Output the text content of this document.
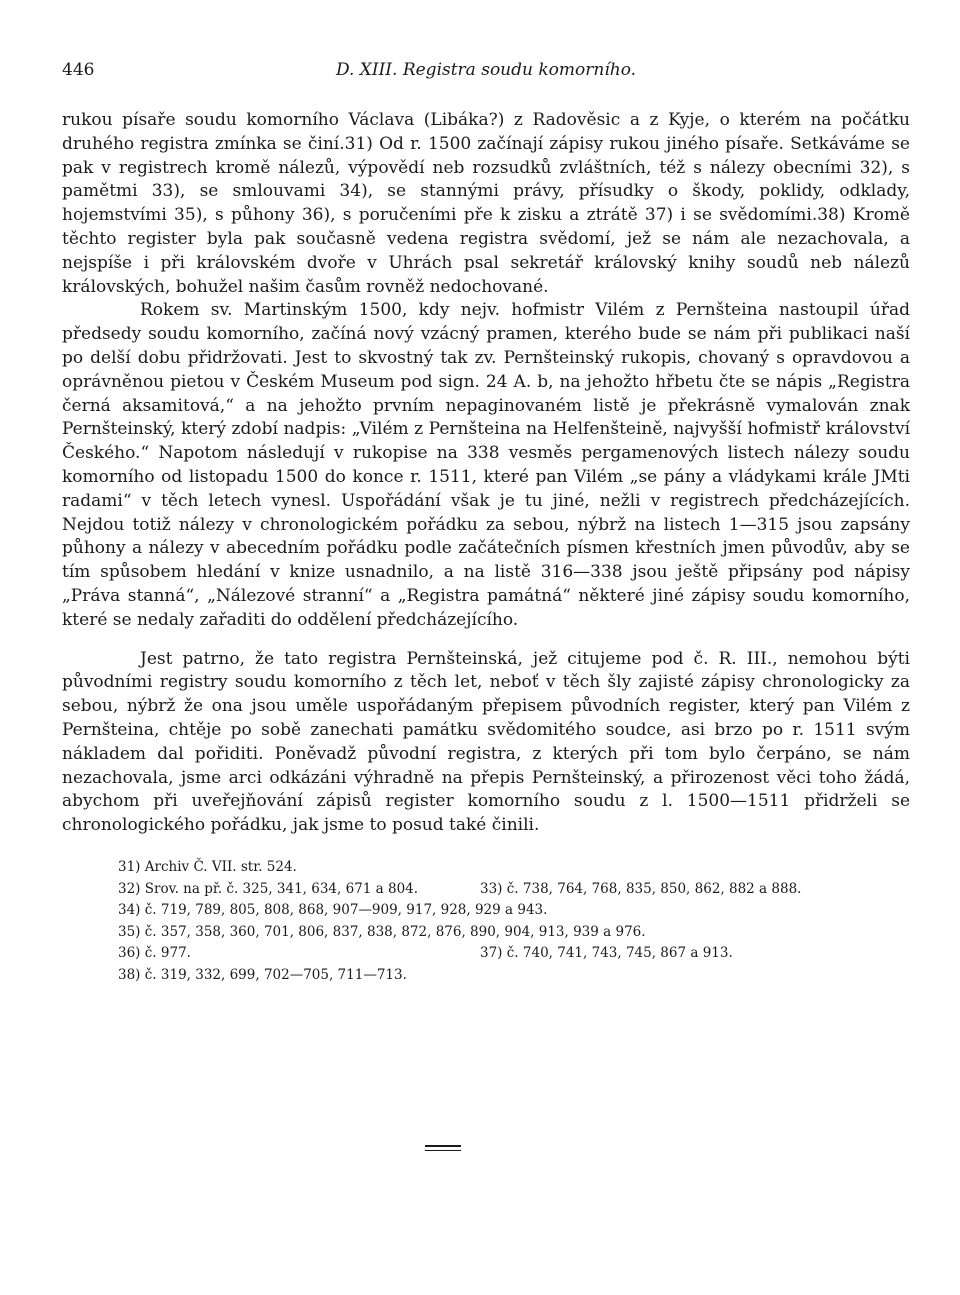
446	D. XIII. Registra soudu komorního.

rukou písaře soudu komorního Václava (Libáka?) z Radověsic a z Kyje, o kterém na počátku druhého registra zmínka se činí.31) Od r. 1500 začínají zápisy rukou jiného písaře. Setkáváme se pak v registrech kromě nálezů, výpovědí neb rozsudků zvláštních, též s nálezy obecními 32), s pamětmi 33), se smlouvami 34), se stannými právy, přísudky o škody, poklidy, odklady, hojemstvími 35), s půhony 36), s poručeními pře k zisku a ztrátě 37) i se svědomími.38) Kromě těchto register byla pak současně vedena registra svědomí, jež se nám ale nezachovala, a nejspíše i při královském dvoře v Uhrách psal sekretář královský knihy soudů neb nálezů královských, bohužel našim časům rovněž nedochované.

Rokem sv. Martinským 1500, kdy nejv. hofmistr Vilém z Pernšteina nastoupil úřad předsedy soudu komorního, začíná nový vzácný pramen, kterého bude se nám při publikaci naší po delší dobu přidržovati. Jest to skvostný tak zv. Pernšteinský rukopis, chovaný s opravdovou a oprávněnou pietou v Českém Museum pod sign. 24 A. b, na jehožto hřbetu čte se nápis „Registra černá aksamitová,“ a na jehožto prvním nepaginovaném listě je překrásně vymalován znak Pernšteinský, který zdobí nadpis: „Vilém z Pernšteina na Helfenšteině, najvyšší hofmistř království Českého.“ Napotom následují v rukopise na 338 vesměs pergamenových listech nálezy soudu komorního od listopadu 1500 do konce r. 1511, které pan Vilém „se pány a vládykami krále JMti radami“ v těch letech vynesl. Uspořádání však je tu jiné, nežli v registrech předcházejících. Nejdou totiž nálezy v chronologickém pořádku za sebou, nýbrž na listech 1—315 jsou zapsány půhony a nálezy v abecedním pořádku podle začátečních písmen křestních jmen původův, aby se tím spůsobem hledání v knize usnadnilo, a na listě 316—338 jsou ještě připsány pod nápisy „Práva stanná“, „Nálezové stranní“ a „Registra památná“ některé jiné zápisy soudu komorního, které se nedaly zařaditi do oddělení předcházejícího.

Jest patrno, že tato registra Pernšteinská, jež citujeme pod č. R. III., nemohou býti původními registry soudu komorního z těch let, neboť v těch šly zajisté zápisy chronologicky za sebou, nýbrž že ona jsou uměle uspořádaným přepisem původních register, který pan Vilém z Pernšteina, chtěje po sobě zanechati památku svědomitého soudce, asi brzo po r. 1511 svým nákladem dal pořiditi. Poněvadž původní registra, z kterých při tom bylo čerpáno, se nám nezachovala, jsme arci odkázáni výhradně na přepis Pernšteinský, a přirozenost věci toho žádá, abychom při uveřejňování zápisů register komorního soudu z l. 1500—1511 přidrželi se chronologického pořádku, jak jsme to posud také činili.

31) Archiv Č. VII. str. 524.
32) Srov. na př. č. 325, 341, 634, 671 a 804.	33) č. 738, 764, 768, 835, 850, 862, 882 a 888.
34) č. 719, 789, 805, 808, 868, 907—909, 917, 928, 929 a 943.
35) č. 357, 358, 360, 701, 806, 837, 838, 872, 876, 890, 904, 913, 939 a 976.
36) č. 977.	37) č. 740, 741, 743, 745, 867 a 913.
38) č. 319, 332, 699, 702—705, 711—713.
